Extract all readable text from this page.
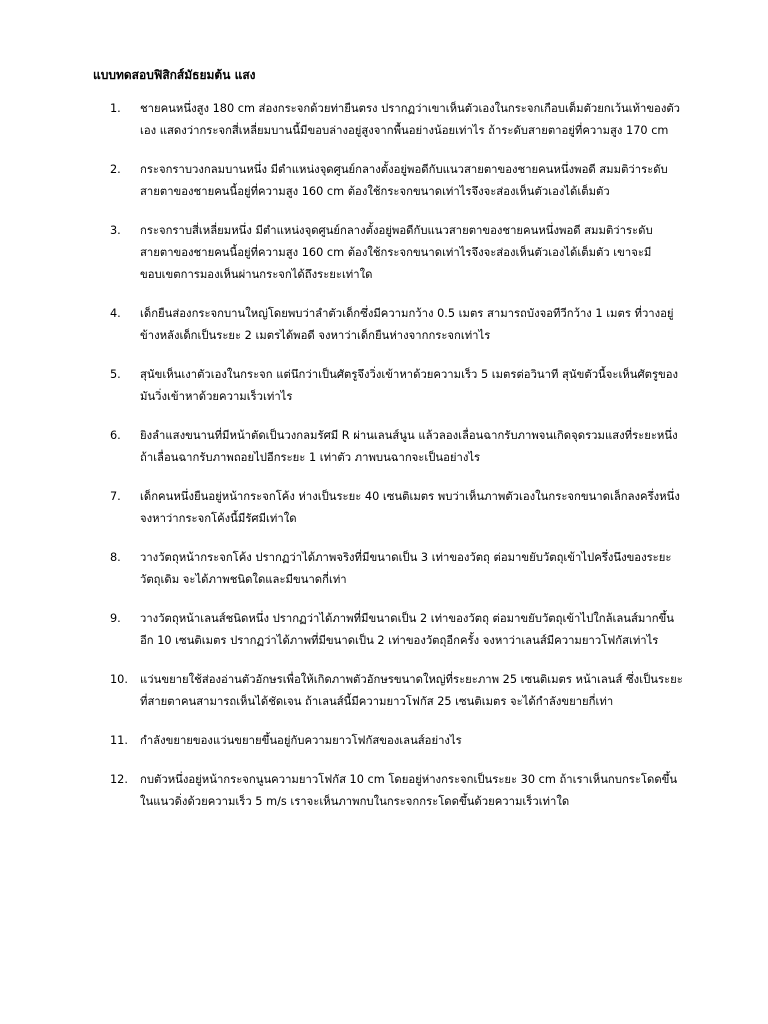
แบบทดสอบฟิสิกส์มัธยมต้น แสง
1.	ชายคนหนึ่งสูง 180 cm ส่องกระจกด้วยท่ายืนตรง ปรากฏว่าเขาเห็นตัวเองในกระจกเกือบเต็มตัวยกเว้นเท้าของตัวเอง แสดงว่ากระจกสี่เหลี่ยมบานนี้มีขอบล่างอยู่สูงจากพื้นอย่างน้อยเท่าไร ถ้าระดับสายตาอยู่ที่ความสูง 170 cm
2.	กระจกราบวงกลมบานหนึ่ง มีตำแหน่งจุดศูนย์กลางตั้งอยู่พอดีกับแนวสายตาของชายคนหนึ่งพอดี สมมติว่าระดับสายตาของชายคนนี้อยู่ที่ความสูง 160 cm ต้องใช้กระจกขนาดเท่าไรจึงจะส่องเห็นตัวเองได้เต็มตัว
3.	กระจกราบสี่เหลี่ยมหนึ่ง มีตำแหน่งจุดศูนย์กลางตั้งอยู่พอดีกับแนวสายตาของชายคนหนึ่งพอดี สมมติว่าระดับสายตาของชายคนนี้อยู่ที่ความสูง 160 cm ต้องใช้กระจกขนาดเท่าไรจึงจะส่องเห็นตัวเองได้เต็มตัว เขาจะมีขอบเขตการมองเห็นผ่านกระจกได้ถึงระยะเท่าใด
4.	เด็กยืนส่องกระจกบานใหญ่โดยพบว่าลำตัวเด็กซึ่งมีความกว้าง 0.5 เมตร สามารถบังจอทีวีกว้าง 1 เมตร ที่วางอยู่ข้างหลังเด็กเป็นระยะ 2 เมตรได้พอดี จงหาว่าเด็กยืนห่างจากกระจกเท่าไร
5.	สุนัขเห็นเงาตัวเองในกระจก แต่นึกว่าเป็นศัตรูจึงวิ่งเข้าหาด้วยความเร็ว 5 เมตรต่อวินาที สุนัขตัวนี้จะเห็นศัตรูของมันวิ่งเข้าหาด้วยความเร็วเท่าไร
6.	ยิงลำแสงขนานที่มีหน้าตัดเป็นวงกลมรัศมี R ผ่านเลนส์นูน แล้วลองเลื่อนฉากรับภาพจนเกิดจุดรวมแสงที่ระยะหนึ่ง ถ้าเลื่อนฉากรับภาพถอยไปอีกระยะ 1 เท่าตัว ภาพบนฉากจะเป็นอย่างไร
7.	เด็กคนหนึ่งยืนอยู่หน้ากระจกโค้ง ห่างเป็นระยะ 40 เซนติเมตร พบว่าเห็นภาพตัวเองในกระจกขนาดเล็กลงครึ่งหนึ่ง จงหาว่ากระจกโค้งนี้มีรัศมีเท่าใด
8.	วางวัตถุหน้ากระจกโค้ง ปรากฏว่าได้ภาพจริงที่มีขนาดเป็น 3 เท่าของวัตถุ ต่อมาขยับวัตถุเข้าไปครึ่งนึงของระยะวัตถุเดิม จะได้ภาพชนิดใดและมีขนาดกี่เท่า
9.	วางวัตถุหน้าเลนส์ชนิดหนึ่ง ปรากฏว่าได้ภาพที่มีขนาดเป็น 2 เท่าของวัตถุ ต่อมาขยับวัตถุเข้าไปใกล้เลนส์มากขึ้นอีก 10 เซนติเมตร ปรากฏว่าได้ภาพที่มีขนาดเป็น 2 เท่าของวัตถุอีกครั้ง จงหาว่าเลนส์มีความยาวโฟกัสเท่าไร
10.	แว่นขยายใช้ส่องอ่านตัวอักษรเพื่อให้เกิดภาพตัวอักษรขนาดใหญ่ที่ระยะภาพ 25 เซนติเมตร หน้าเลนส์ ซึ่งเป็นระยะที่สายตาคนสามารถเห็นได้ชัดเจน ถ้าเลนส์นี้มีความยาวโฟกัส 25 เซนติเมตร จะได้กำลังขยายกี่เท่า
11.	กำลังขยายของแว่นขยายขึ้นอยู่กับความยาวโฟกัสของเลนส์อย่างไร
12.	กบตัวหนึ่งอยู่หน้ากระจกนูนความยาวโฟกัส 10 cm โดยอยู่ห่างกระจกเป็นระยะ 30 cm ถ้าเราเห็นกบกระโดดขึ้นในแนวดิ่งด้วยความเร็ว 5 m/s เราจะเห็นภาพกบในกระจกกระโดดขึ้นด้วยความเร็วเท่าใด
